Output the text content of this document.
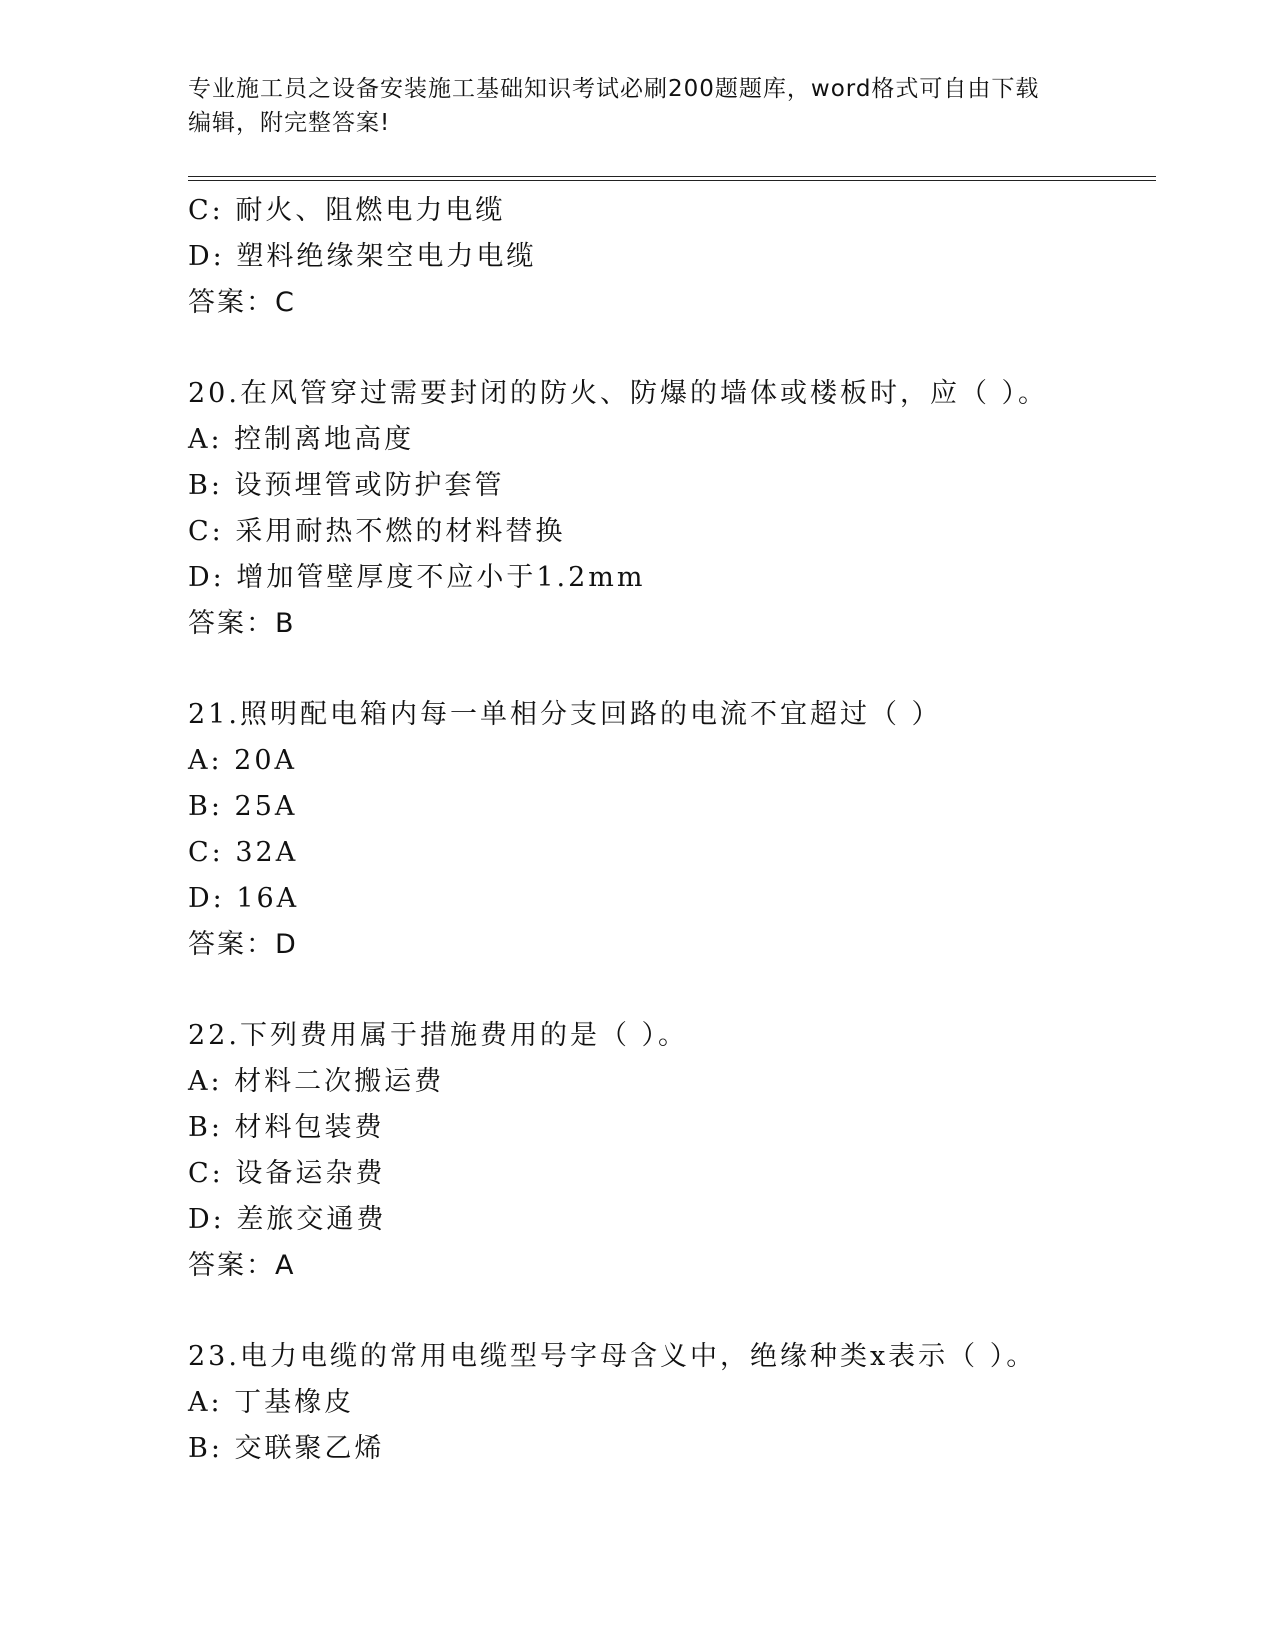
专业施工员之设备安装施工基础知识考试必刷200题题库，word格式可自由下载
编辑，附完整答案!
C: 耐火、阻燃电力电缆
D: 塑料绝缘架空电力电缆
答案：C
20.在风管穿过需要封闭的防火、防爆的墙体或楼板时，应（ ）。
A: 控制离地高度
B: 设预埋管或防护套管
C: 采用耐热不燃的材料替换
D: 增加管壁厚度不应小于1.2mm
答案：B
21.照明配电箱内每一单相分支回路的电流不宜超过（ ）
A: 20A
B: 25A
C: 32A
D: 16A
答案：D
22.下列费用属于措施费用的是（ ）。
A: 材料二次搬运费
B: 材料包装费
C: 设备运杂费
D: 差旅交通费
答案：A
23.电力电缆的常用电缆型号字母含义中，绝缘种类x表示（ ）。
A: 丁基橡皮
B: 交联聚乙烯
